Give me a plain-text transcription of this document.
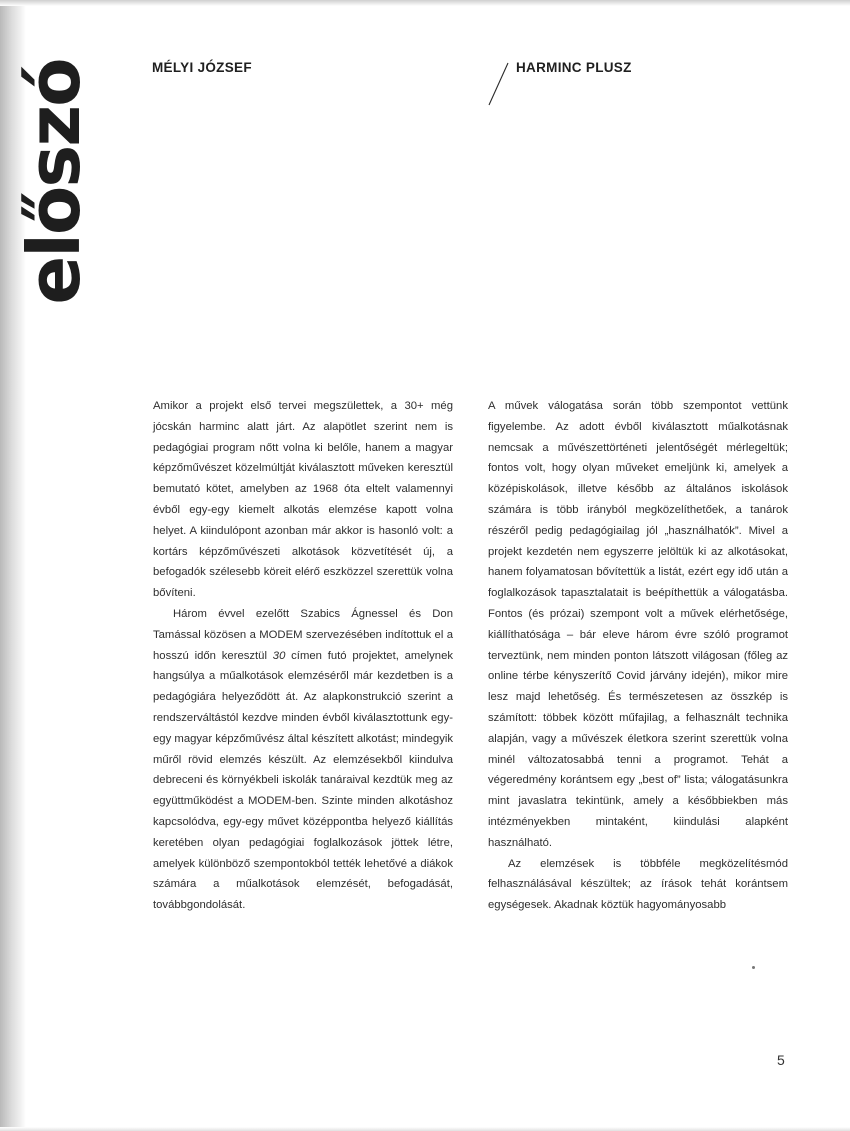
előszó	MÉLYI JÓZSEF	HARMINC PLUSZ

Amikor a projekt első tervei megszülettek, a 30+ még jócskán harminc alatt járt. Az alapötlet szerint nem is pedagógiai program nőtt volna ki belőle, hanem a magyar képzőművészet közelmúltját kiválasztott műveken keresztül bemutató kötet, amelyben az 1968 óta eltelt valamennyi évből egy-egy kiemelt alkotás elemzése kapott volna helyet. A kiindulópont azonban már akkor is hasonló volt: a kortárs képzőművészeti alkotások közvetítését új, a befogadók szélesebb köreit elérő eszközzel szerettük volna bővíteni.

Három évvel ezelőtt Szabics Ágnessel és Don Tamással közösen a MODEM szervezésében indítottuk el a hosszú időn keresztül 30 címen futó projektet, amelynek hangsúlya a műalkotások elemzéséről már kezdetben is a pedagógiára helyeződött át. Az alapkonstrukció szerint a rendszerváltástól kezdve minden évből kiválasztottunk egy-egy magyar képzőművész által készített alkotást; mindegyik műről rövid elemzés készült. Az elemzésekből kiindulva debreceni és környékbeli iskolák tanáraival kezdtük meg az együttműködést a MODEM-ben. Szinte minden alkotáshoz kapcsolódva, egy-egy művet középpontba helyező kiállítás keretében olyan pedagógiai foglalkozások jöttek létre, amelyek különböző szempontokból tették lehetővé a diákok számára a műalkotások elemzését, befogadását, továbbgondolását.

A művek válogatása során több szempontot vettünk figyelembe. Az adott évből kiválasztott műalkotásnak nemcsak a művészettörténeti jelentőségét mérlegeltük; fontos volt, hogy olyan műveket emeljünk ki, amelyek a középiskolások, illetve később az általános iskolások számára is több irányból megközelíthetőek, a tanárok részéről pedig pedagógiailag jól „használhatók”. Mivel a projekt kezdetén nem egyszerre jelöltük ki az alkotásokat, hanem folyamatosan bővítettük a listát, ezért egy idő után a foglalkozások tapasztalatait is beépíthettük a válogatásba. Fontos (és prózai) szempont volt a művek elérhetősége, kiállíthatósága – bár eleve három évre szóló programot terveztünk, nem minden ponton látszott világosan (főleg az online térbe kényszerítő Covid járvány idején), mikor mire lesz majd lehetőség. És természetesen az összkép is számított: többek között műfajilag, a felhasznált technika alapján, vagy a művészek életkora szerint szerettük volna minél változatosabbá tenni a programot. Tehát a végeredmény korántsem egy „best of” lista; válogatásunkra mint javaslatra tekintünk, amely a későbbiekben más intézményekben mintaként, kiindulási alapként használható.

Az elemzések is többféle megközelítésmód felhasználásával készültek; az írások tehát korántsem egységesek. Akadnak köztük hagyományosabb

5
